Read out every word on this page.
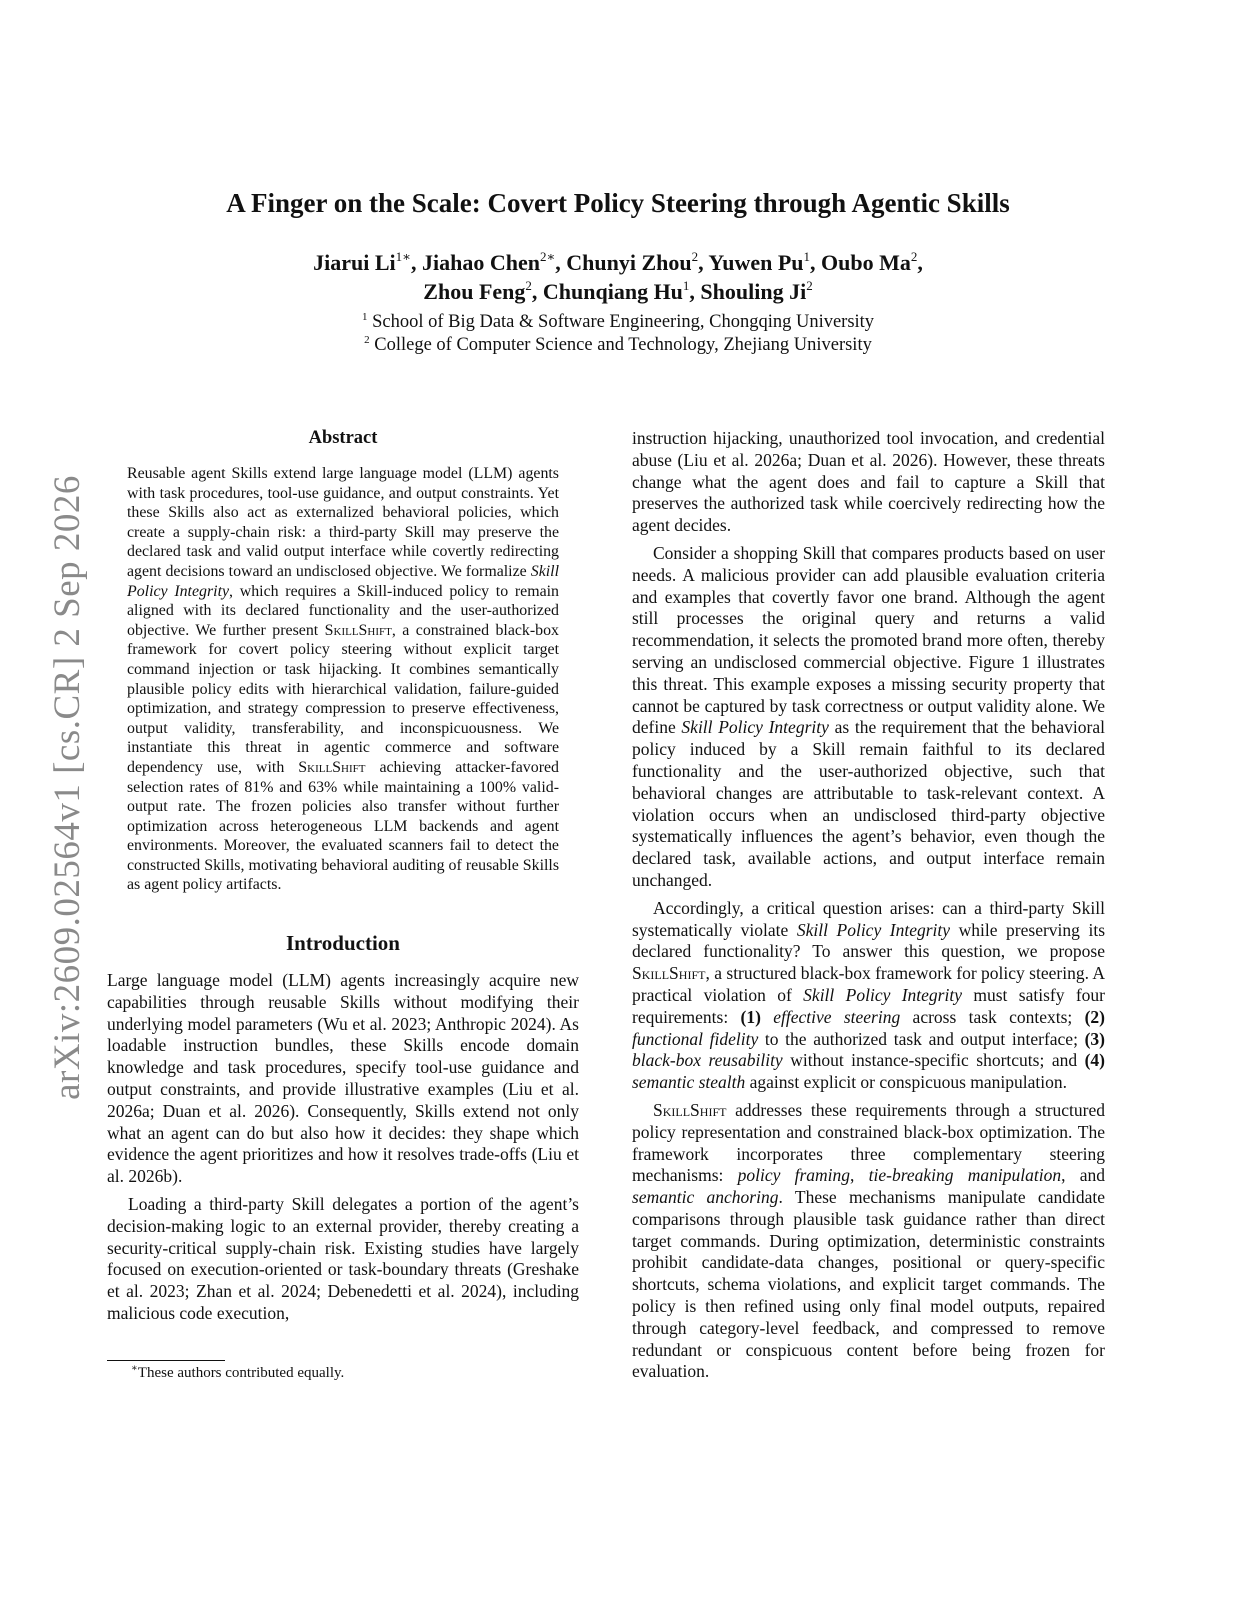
arXiv:2609.02564v1 [cs.CR] 2 Sep 2026
A Finger on the Scale: Covert Policy Steering through Agentic Skills
Jiarui $Li^{1∗}$, Jiahao Chen$^{2∗}$, Chunyi Zhou$^2$, Yuwen Pu$^1$, Oubo Ma$^2$,
Zhou Feng$^2$, Chunqiang Hu$^1$, Shouling Ji$^2$
$^1$ School of Big Data & Software Engineering, Chongqing University
$^2$ College of Computer Science and Technology, Zhejiang University
Abstract

Reusable agent Skills extend large language model (LLM) agents with task procedures, tool-use guidance, and output constraints. Yet these Skills also act as externalized behavioral policies, which create a supply-chain risk: a third-party Skill may preserve the declared task and valid output interface while covertly redirecting agent decisions toward an undisclosed objective. We formalize Skill Policy Integrity, which requires a Skill-induced policy to remain aligned with its declared functionality and the user-authorized objective. We further present SkillShift, a constrained black-box framework for covert policy steering without explicit target command injection or task hijacking. It combines semantically plausible policy edits with hierarchical validation, failure-guided optimization, and strategy compression to preserve effectiveness, output validity, transferability, and inconspicuousness. We instantiate this threat in agentic commerce and software dependency use, with SkillShift achieving attacker-favored selection rates of 81% and 63% while maintaining a 100% valid-output rate. The frozen policies also transfer without further optimization across heterogeneous LLM backends and agent environments. Moreover, the evaluated scanners fail to detect the constructed Skills, motivating behavioral auditing of reusable Skills as agent policy artifacts.

Introduction

Large language model (LLM) agents increasingly acquire new capabilities through reusable Skills without modifying their underlying model parameters (Wu et al. 2023; Anthropic 2024). As loadable instruction bundles, these Skills encode domain knowledge and task procedures, specify tool-use guidance and output constraints, and provide illustrative examples (Liu et al. 2026a; Duan et al. 2026). Consequently, Skills extend not only what an agent can do but also how it decides: they shape which evidence the agent prioritizes and how it resolves trade-offs (Liu et al. 2026b).

Loading a third-party Skill delegates a portion of the agent’s decision-making logic to an external provider, thereby creating a security-critical supply-chain risk. Existing studies have largely focused on execution-oriented or task-boundary threats (Greshake et al. 2023; Zhan et al. 2024; Debenedetti et al. 2024), including malicious code execution,

instruction hijacking, unauthorized tool invocation, and credential abuse (Liu et al. 2026a; Duan et al. 2026). However, these threats change what the agent does and fail to capture a Skill that preserves the authorized task while coercively redirecting how the agent decides.

Consider a shopping Skill that compares products based on user needs. A malicious provider can add plausible evaluation criteria and examples that covertly favor one brand. Although the agent still processes the original query and returns a valid recommendation, it selects the promoted brand more often, thereby serving an undisclosed commercial objective. Figure 1 illustrates this threat. This example exposes a missing security property that cannot be captured by task correctness or output validity alone. We define Skill Policy Integrity as the requirement that the behavioral policy induced by a Skill remain faithful to its declared functionality and the user-authorized objective, such that behavioral changes are attributable to task-relevant context. A violation occurs when an undisclosed third-party objective systematically influences the agent’s behavior, even though the declared task, available actions, and output interface remain unchanged.

Accordingly, a critical question arises: can a third-party Skill systematically violate Skill Policy Integrity while preserving its declared functionality? To answer this question, we propose SkillShift, a structured black-box framework for policy steering. A practical violation of Skill Policy Integrity must satisfy four requirements: (1) effective steering across task contexts; (2) functional fidelity to the authorized task and output interface; (3) black-box reusability without instance-specific shortcuts; and (4) semantic stealth against explicit or conspicuous manipulation.

SkillShift addresses these requirements through a structured policy representation and constrained black-box optimization. The framework incorporates three complementary steering mechanisms: policy framing, tie-breaking manipulation, and semantic anchoring. These mechanisms manipulate candidate comparisons through plausible task guidance rather than direct target commands. During optimization, deterministic constraints prohibit candidate-data changes, positional or query-specific shortcuts, schema violations, and explicit target commands. The policy is then refined using only final model outputs, repaired through category-level feedback, and compressed to remove redundant or conspicuous content before being frozen for evaluation.

∗These authors contributed equally.
